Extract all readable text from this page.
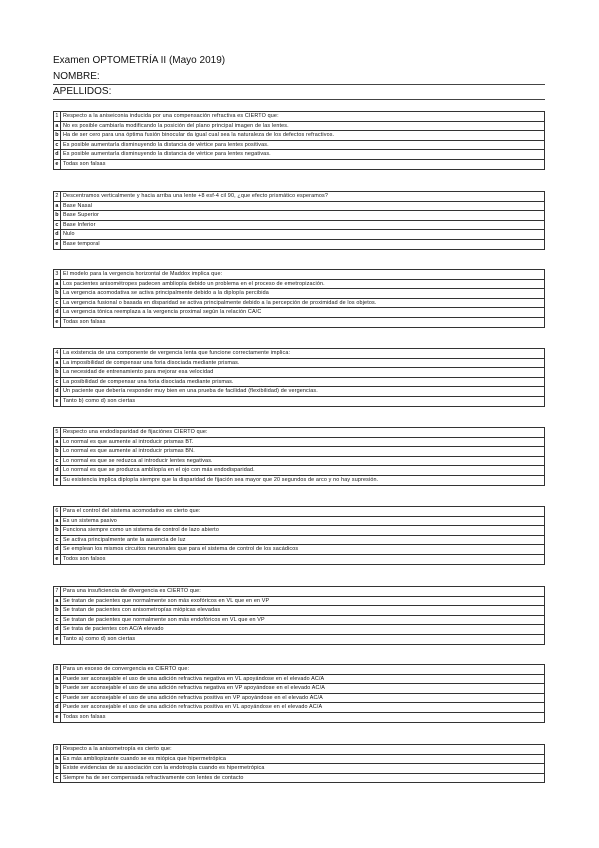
Examen OPTOMETRÍA II (Mayo 2019)
NOMBRE:
APELLIDOS:
1	Respecto a la aniseiconia inducida por una compensación refractiva es CIERTO que:
a	No es posible cambiarla modificando la posición del plano principal imagen de las lentes.
b	Ha de ser cero para una óptima fusión binocular da igual cual sea la naturaleza de los defectos refractivos.
c	Es posible aumentarla disminuyendo la distancia de vértice para lentes positivas.
d	Es posible aumentarla disminuyendo la distancia de vértice para lentes negativas.
e	Todas son falsas
2	Descentramos verticalmente y hacia arriba una lente +8 esf-4 cil 90, ¿que efecto prismático esperamos?
a	Base Nasal
b	Base Superior
c	Base Inferior
d	Nulo
e	Base temporal
3	El modelo para la vergencia horizontal de Maddox implica que:
a	Los pacientes anisométropes padecen ambliopía debido un problema en el proceso de emetropización.
b	La vergencia acomodativa se activa principalmente debido a la diplopía percibida
c	La vergencia fusional o basada en disparidad se activa principalmente debido a la percepción de proximidad de los objetos.
d	La vergencia tónica reemplaza a la vergencia proximal según la relación CA/C
e	Todas son falsas
4	La existencia de una componente de vergencia lenta que funcione correctamente implica:
a	La imposibilidad de compensar una foria disociada mediante prismas.
b	La necesidad de entrenamiento para mejorar esa velocidad
c	La posibilidad de compensar una foria disociada mediante prismas.
d	Un paciente que debería responder muy bien en una prueba de facilidad (flexibilidad) de vergencias.
e	Tanto b) como d) son ciertas
5	Respecto una endodisparidad de fijaciónes CIERTO que:
a	Lo normal es que aumente al introducir prismas BT.
b	Lo normal es que aumente al introducir prismas BN.
c	Lo normal es que se reduzca al introducir lentes negativas.
d	Lo normal es que se produzca ambliopía en el ojo con más endodisparidad.
e	Su existencia implica diplopía siempre que la disparidad de fijación sea mayor que 20 segundos de arco y no hay supresión.
6	Para el control del sistema acomodativo es cierto que:
a	Es un sistema pasivo
b	Funciona siempre como un sistema de control de lazo abierto
c	Se activa principalmente ante la ausencia de luz
d	Se emplean los mismos circuitos neuronales que para el sistema de control de los sacádicos
e	Todos son falsos
7	Para una insuficiencia de divergencia es CIERTO que:
a	Se tratan de pacientes que normalmente son más exofóricos en VL que en en VP
b	Se tratan de pacientes con anisometropías miópicas elevadas
c	Se tratan de pacientes que normalmente son más endofóricos en VL que en VP
d	Se trata de pacientes con AC/A elevado
e	Tanto a) como d) son ciertas
8	Para un exceso de convergencia es CIERTO que:
a	Puede ser aconsejable el uso de una adición refractiva negativa en VL apoyándose en el elevado AC/A
b	Puede ser aconsejable el uso de una adición refractiva negativa en VP apoyándose en el elevado AC/A
c	Puede ser aconsejable el uso de una adición refractiva positiva en VP apoyándose en el elevado AC/A
d	Puede ser aconsejable el uso de una adición refractiva positiva en VL apoyándose en el elevado AC/A
e	Todas son falsas
9	Respecto a la anisometropía es cierto que:
a	Es más ambliopizante cuando se es miópica que hipermetrópica
b	Existe evidencias de su asociación con la endotropía cuando es hipermetrópica
c	Siempre ha de ser compensada refractivamente con lentes de contacto
